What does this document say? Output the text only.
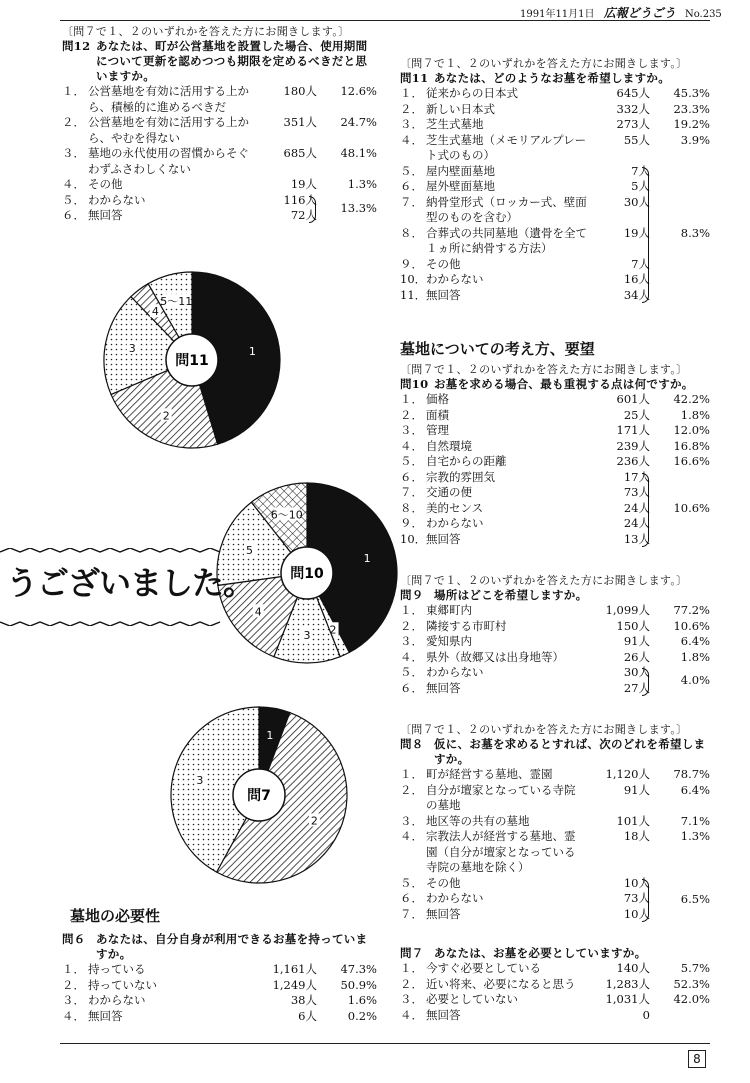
1991年11月1日 広報どうごう No.235
〔問７で１、２のいずれかを答えた方にお聞きします。〕
問12 あなたは、町が公営墓地を設置した場合、使用期間について更新を認めつつも期限を定めるべきだと思いますか。
１． 公営墓地を有効に活用する上から、積極的に進めるべきだ
180人	12.6%
２． 公営墓地を有効に活用する上から、やむを得ない
351人	24.7%
３． 墓地の永代使用の習慣からそぐわずふさわしくない
685人	48.1%
４． その他	19人	1.3%
５． わからない	116人
６． 無回答	72人
13.3%
1
2
3
4
5～11
問11
1
2
3
4
5
6～10
問10
1
2
3
問7
うございました。
墓地の必要性
問６ あなたは、自分自身が利用できるお墓を持っていますか。
１． 持っている	1,161人	47.3%
２． 持っていない	1,249人	50.9%
３． わからない	38人	1.6%
４． 無回答	6人	0.2%
〔問７で１、２のいずれかを答えた方にお聞きします。〕
問11 あなたは、どのようなお墓を希望しますか。
１． 従来からの日本式	645人	45.3%
２． 新しい日本式	332人	23.3%
３． 芝生式墓地	273人	19.2%
４． 芝生式墓地（メモリアルプレート式のもの）
55人	3.9%
５． 屋内壁面墓地	7人
６． 屋外壁面墓地	5人
７． 納骨堂形式（ロッカー式、壁面型のものを含む）
30人
８． 合葬式の共同墓地（遺骨を全て１ヵ所に納骨する方法）
19人
９． その他	7人
10． わからない	16人
11． 無回答	34人
8.3%
墓地についての考え方、要望
〔問７で１、２のいずれかを答えた方にお聞きします。〕
問10 お墓を求める場合、最も重視する点は何ですか。
１． 価格	601人	42.2%
２． 面積	25人	1.8%
３． 管理	171人	12.0%
４． 自然環境	239人	16.8%
５． 自宅からの距離	236人	16.6%
６． 宗教的雰囲気	17人
７． 交通の便	73人
８． 美的センス	24人
９． わからない	24人
10． 無回答	13人
10.6%
〔問７で１、２のいずれかを答えた方にお聞きします。〕
問９ 場所はどこを希望しますか。
１． 東郷町内	1,099人	77.2%
２． 隣接する市町村	150人	10.6%
３． 愛知県内	91人	6.4%
４． 県外（故郷又は出身地等）	26人	1.8%
５． わからない	30人
６． 無回答	27人
4.0%
〔問７で１、２のいずれかを答えた方にお聞きします。〕
問８ 仮に、お墓を求めるとすれば、次のどれを希望しますか。
１． 町が経営する墓地、霊園	1,120人	78.7%
２． 自分が壇家となっている寺院の墓地
91人	6.4%
３． 地区等の共有の墓地	101人	7.1%
４． 宗教法人が経営する墓地、霊園（自分が壇家となっている寺院の墓地を除く）
18人	1.3%
５． その他	10人
６． わからない	73人
７． 無回答	10人
6.5%
問７ あなたは、お墓を必要としていますか。
１． 今すぐ必要としている	140人	5.7%
２． 近い将来、必要になると思う	1,283人	52.3%
３． 必要としていない	1,031人	42.0%
４． 無回答	0
8
